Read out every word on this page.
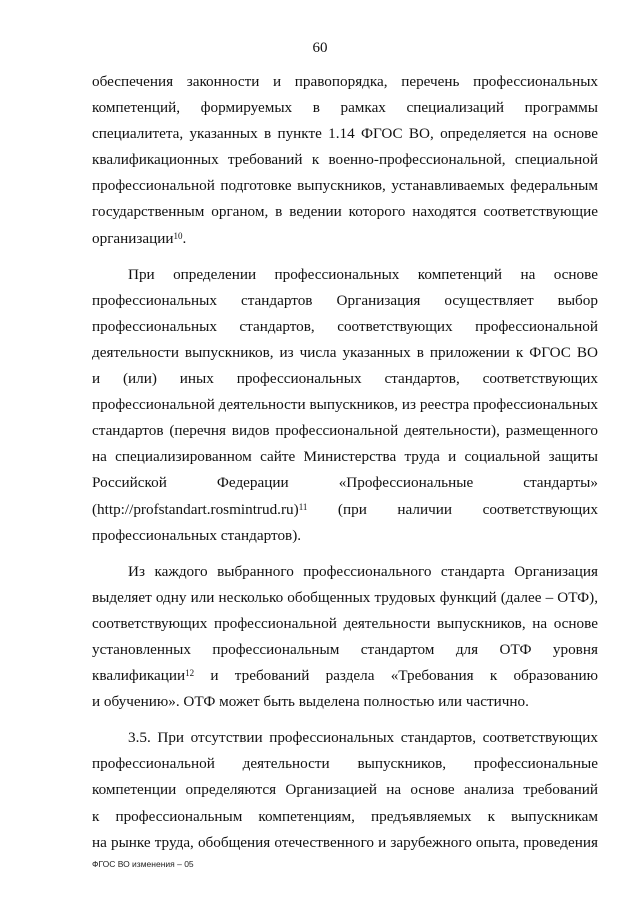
60
обеспечения законности и правопорядка, перечень профессиональных
компетенций, формируемых в рамках специализаций программы
специалитета, указанных в пункте 1.14 ФГОС ВО, определяется на основе
квалификационных требований к военно-профессиональной, специальной
профессиональной подготовке выпускников, устанавливаемых федеральным
государственным органом, в ведении которого находятся соответствующие
организации$^{10}$.
При определении профессиональных компетенций на основе
профессиональных стандартов Организация осуществляет выбор
профессиональных стандартов, соответствующих профессиональной
деятельности выпускников, из числа указанных в приложении к ФГОС ВО
и (или) иных профессиональных стандартов, соответствующих
профессиональной деятельности выпускников, из реестра профессиональных
стандартов (перечня видов профессиональной деятельности), размещенного
на специализированном сайте Министерства труда и социальной защиты
Российской	Федерации	«Профессиональные	стандарты»
(http://profstandart.rosmintrud.ru)$^{11}$ (при наличии соответствующих
профессиональных стандартов).
Из каждого выбранного профессионального стандарта Организация
выделяет одну или несколько обобщенных трудовых функций (далее – ОТФ),
соответствующих профессиональной деятельности выпускников, на основе
установленных профессиональным стандартом для ОТФ уровня
квалификации$^{12}$ и требований раздела «Требования к образованию
и обучению». ОТФ может быть выделена полностью или частично.
3.5. При отсутствии профессиональных стандартов, соответствующих
профессиональной деятельности выпускников, профессиональные
компетенции определяются Организацией на основе анализа требований
к профессиональным компетенциям, предъявляемых к выпускникам
на рынке труда, обобщения отечественного и зарубежного опыта, проведения
ФГОС ВО изменения – 05
